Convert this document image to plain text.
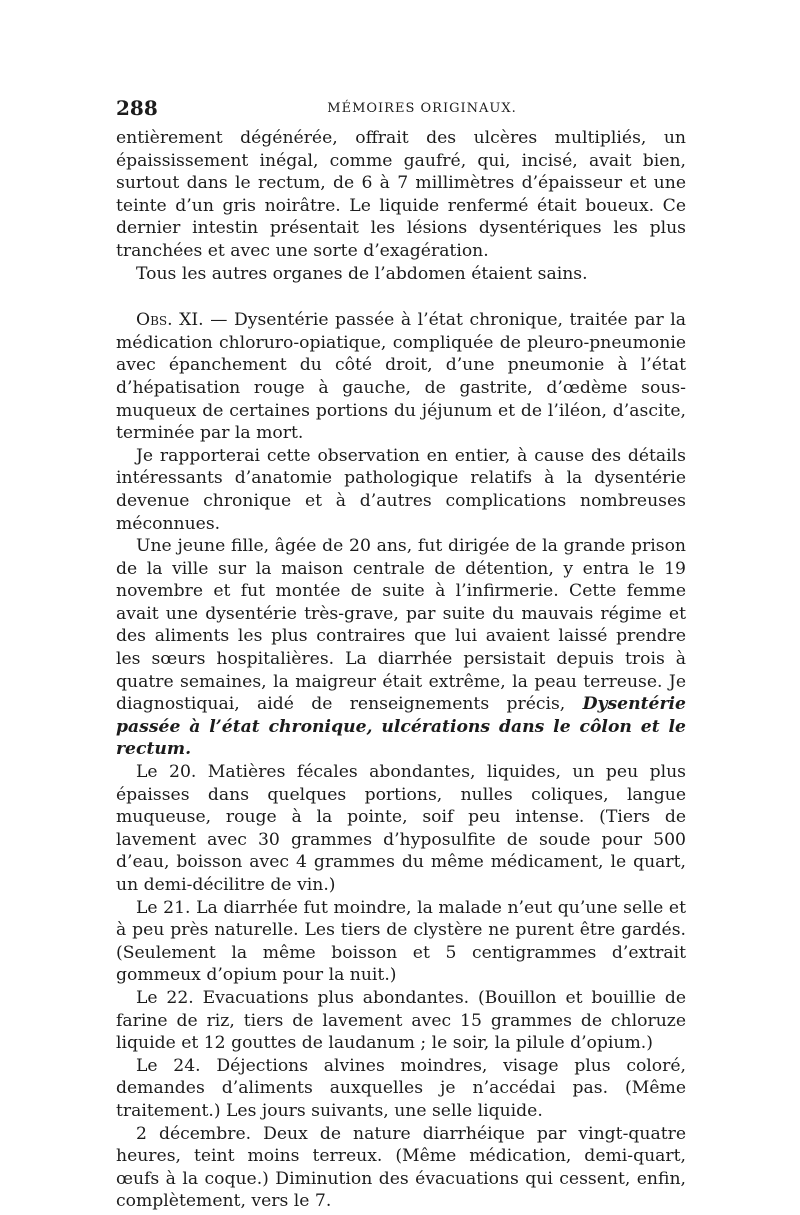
288	MÉMOIRES ORIGINAUX.

entièrement dégénérée, offrait des ulcères multipliés, un épaississement inégal, comme gaufré, qui, incisé, avait bien, surtout dans le rectum, de 6 à 7 millimètres d’épaisseur et une teinte d’un gris noirâtre. Le liquide renfermé était boueux. Ce dernier intestin présentait les lésions dysentériques les plus tranchées et avec une sorte d’exagération.

Tous les autres organes de l’abdomen étaient sains.

Obs. XI. — Dysentérie passée à l’état chronique, traitée par la médication chloruro-opiatique, compliquée de pleuro-pneumonie avec épanchement du côté droit, d’une pneumonie à l’état d’hépatisation rouge à gauche, de gastrite, d’œdème sous-muqueux de certaines portions du jéjunum et de l’iléon, d’ascite, terminée par la mort.

Je rapporterai cette observation en entier, à cause des détails intéressants d’anatomie pathologique relatifs à la dysentérie devenue chronique et à d’autres complications nombreuses méconnues.

Une jeune fille, âgée de 20 ans, fut dirigée de la grande prison de la ville sur la maison centrale de détention, y entra le 19 novembre et fut montée de suite à l’infirmerie. Cette femme avait une dysentérie très-grave, par suite du mauvais régime et des aliments les plus contraires que lui avaient laissé prendre les sœurs hospitalières. La diarrhée persistait depuis trois à quatre semaines, la maigreur était extrême, la peau terreuse. Je diagnostiquai, aidé de renseignements précis, Dysentérie passée à l’état chronique, ulcérations dans le côlon et le rectum.

Le 20. Matières fécales abondantes, liquides, un peu plus épaisses dans quelques portions, nulles coliques, langue muqueuse, rouge à la pointe, soif peu intense. (Tiers de lavement avec 30 grammes d’hyposulfite de soude pour 500 d’eau, boisson avec 4 grammes du même médicament, le quart, un demi-décilitre de vin.)

Le 21. La diarrhée fut moindre, la malade n’eut qu’une selle et à peu près naturelle. Les tiers de clystère ne purent être gardés. (Seulement la même boisson et 5 centigrammes d’extrait gommeux d’opium pour la nuit.)

Le 22. Evacuations plus abondantes. (Bouillon et bouillie de farine de riz, tiers de lavement avec 15 grammes de chloruze liquide et 12 gouttes de laudanum ; le soir, la pilule d’opium.)

Le 24. Déjections alvines moindres, visage plus coloré, demandes d’aliments auxquelles je n’accédai pas. (Même traitement.) Les jours suivants, une selle liquide.

2 décembre. Deux de nature diarrhéique par vingt-quatre heures, teint moins terreux. (Même médication, demi-quart, œufs à la coque.) Diminution des évacuations qui cessent, enfin, complètement, vers le 7.
